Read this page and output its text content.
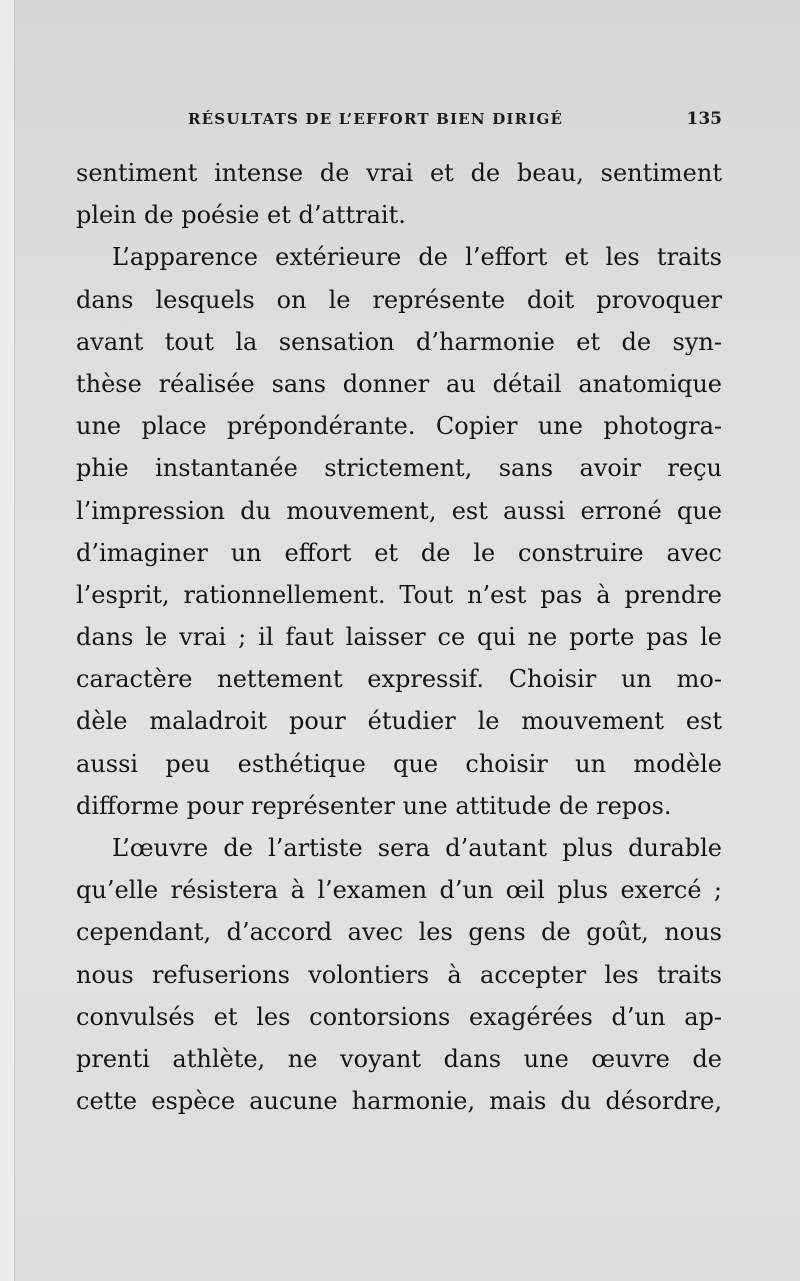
RÉSULTATS DE L’EFFORT BIEN DIRIGÉ	135
sentiment intense de vrai et de beau, sentiment
plein de poésie et d’attrait.
L’apparence extérieure de l’effort et les traits
dans lesquels on le représente doit provoquer
avant tout la sensation d’harmonie et de syn-
thèse réalisée sans donner au détail anatomique
une place prépondérante. Copier une photogra-
phie instantanée strictement, sans avoir reçu
l’impression du mouvement, est aussi erroné que
d’imaginer un effort et de le construire avec
l’esprit, rationnellement. Tout n’est pas à prendre
dans le vrai ; il faut laisser ce qui ne porte pas le
caractère nettement expressif. Choisir un mo-
dèle maladroit pour étudier le mouvement est
aussi peu esthétique que choisir un modèle
difforme pour représenter une attitude de repos.
L’œuvre de l’artiste sera d’autant plus durable
qu’elle résistera à l’examen d’un œil plus exercé ;
cependant, d’accord avec les gens de goût, nous
nous refuserions volontiers à accepter les traits
convulsés et les contorsions exagérées d’un ap-
prenti athlète, ne voyant dans une œuvre de
cette espèce aucune harmonie, mais du désordre,
